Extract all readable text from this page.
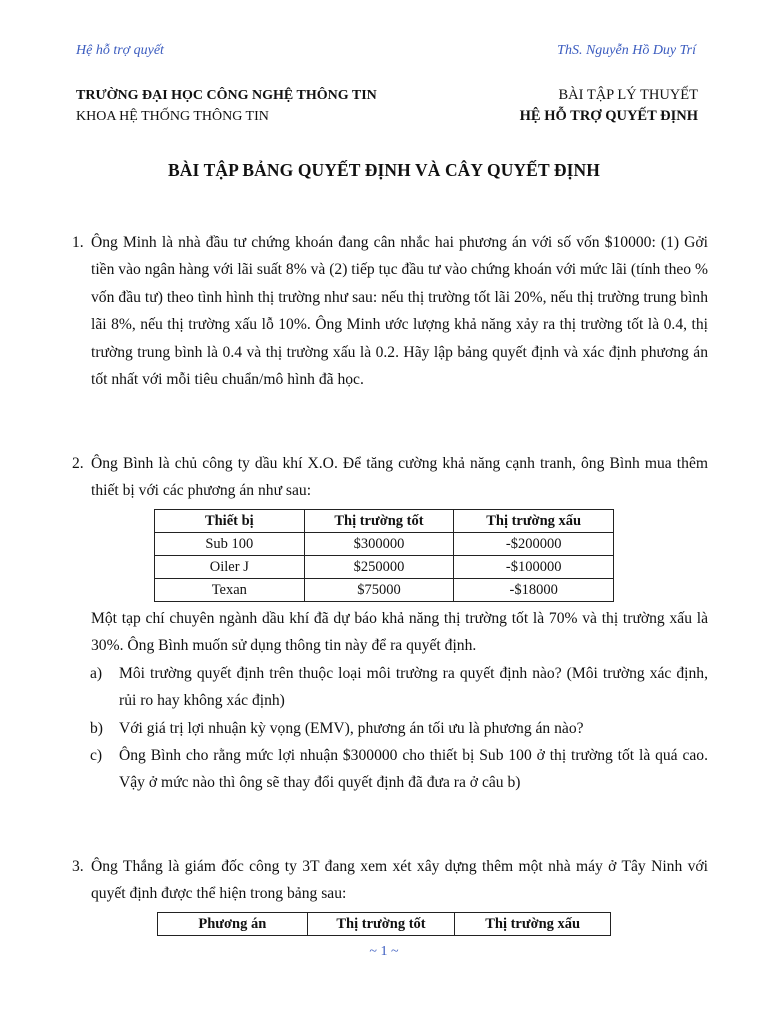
Hệ hỗ trợ quyết	ThS. Nguyễn Hồ Duy Trí
TRƯỜNG ĐẠI HỌC CÔNG NGHỆ THÔNG TIN
KHOA HỆ THỐNG THÔNG TIN
BÀI TẬP LÝ THUYẾT
HỆ HỖ TRỢ QUYẾT ĐỊNH
BÀI TẬP BẢNG QUYẾT ĐỊNH VÀ CÂY QUYẾT ĐỊNH
1. Ông Minh là nhà đầu tư chứng khoán đang cân nhắc hai phương án với số vốn $10000: (1) Gởi tiền vào ngân hàng với lãi suất 8% và (2) tiếp tục đầu tư vào chứng khoán với mức lãi (tính theo % vốn đầu tư) theo tình hình thị trường như sau: nếu thị trường tốt lãi 20%, nếu thị trường trung bình lãi 8%, nếu thị trường xấu lỗ 10%. Ông Minh ước lượng khả năng xảy ra thị trường tốt là 0.4, thị trường trung bình là 0.4 và thị trường xấu là 0.2. Hãy lập bảng quyết định và xác định phương án tốt nhất với mỗi tiêu chuẩn/mô hình đã học.
2. Ông Bình là chủ công ty dầu khí X.O. Để tăng cường khả năng cạnh tranh, ông Bình mua thêm thiết bị với các phương án như sau:
Thiết bị	Thị trường tốt	Thị trường xấu
Sub 100	$300000	-$200000
Oiler J	$250000	-$100000
Texan	$75000	-$18000
Một tạp chí chuyên ngành dầu khí đã dự báo khả năng thị trường tốt là 70% và thị trường xấu là 30%. Ông Bình muốn sử dụng thông tin này để ra quyết định.
a) Môi trường quyết định trên thuộc loại môi trường ra quyết định nào? (Môi trường xác định, rủi ro hay không xác định)
b) Với giá trị lợi nhuận kỳ vọng (EMV), phương án tối ưu là phương án nào?
c) Ông Bình cho rằng mức lợi nhuận $300000 cho thiết bị Sub 100 ở thị trường tốt là quá cao. Vậy ở mức nào thì ông sẽ thay đổi quyết định đã đưa ra ở câu b)
3. Ông Thắng là giám đốc công ty 3T đang xem xét xây dựng thêm một nhà máy ở Tây Ninh với quyết định được thể hiện trong bảng sau:
Phương án	Thị trường tốt	Thị trường xấu
~ 1 ~
